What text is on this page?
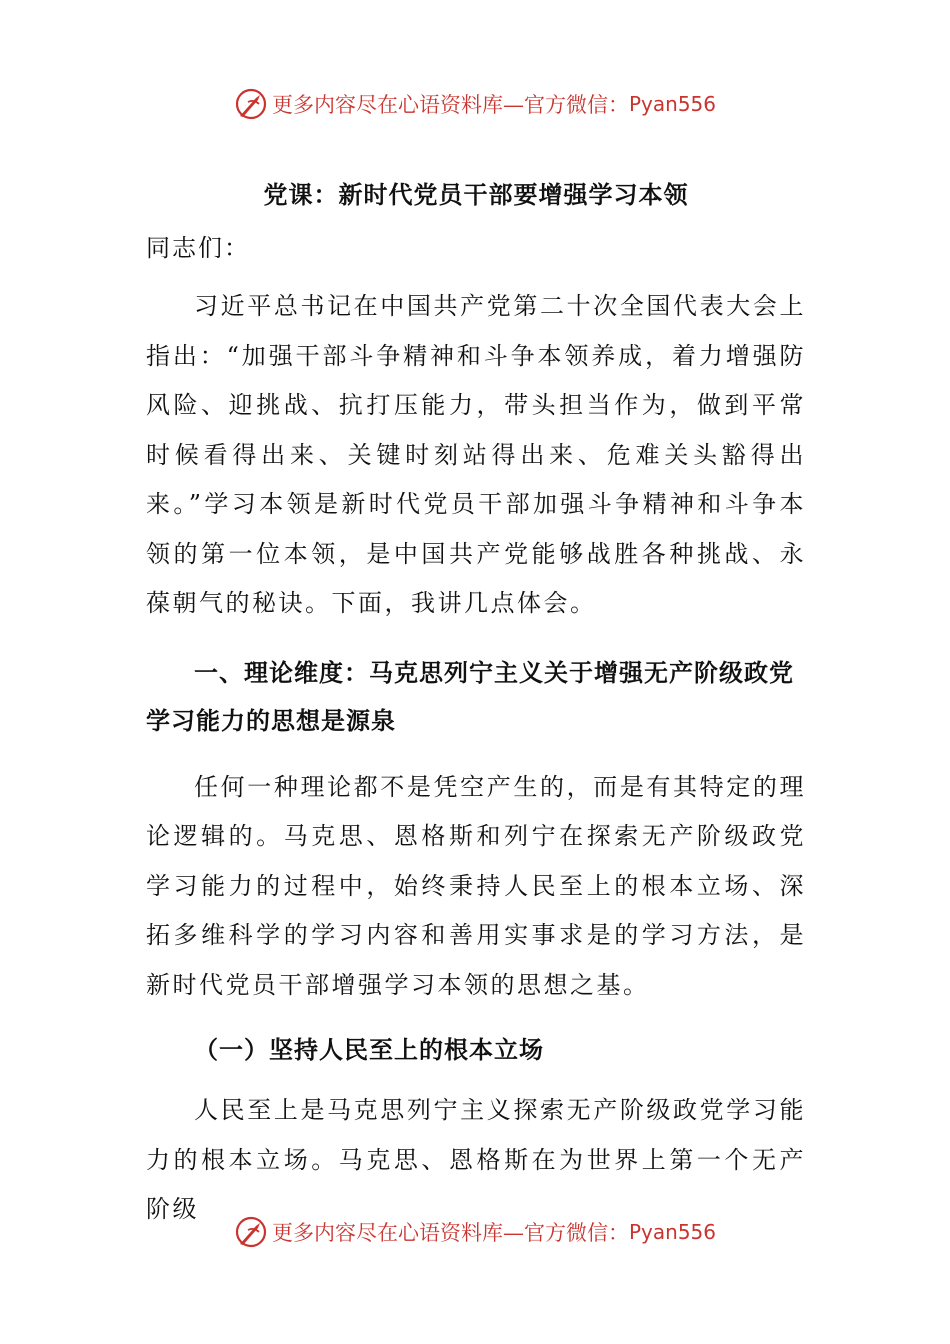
更多内容尽在心语资料库—官方微信： Pyan556
党课：新时代党员干部要增强学习本领

同志们：

习近平总书记在中国共产党第二十次全国代表大会上指出：“加强干部斗争精神和斗争本领养成，着力增强防风险、迎挑战、抗打压能力，带头担当作为，做到平常时候看得出来、关键时刻站得出来、危难关头豁得出来。”学习本领是新时代党员干部加强斗争精神和斗争本领的第一位本领，是中国共产党能够战胜各种挑战、永葆朝气的秘诀。下面，我讲几点体会。

一、理论维度：马克思列宁主义关于增强无产阶级政党学习能力的思想是源泉

任何一种理论都不是凭空产生的，而是有其特定的理论逻辑的。马克思、恩格斯和列宁在探索无产阶级政党学习能力的过程中，始终秉持人民至上的根本立场、深拓多维科学的学习内容和善用实事求是的学习方法，是新时代党员干部增强学习本领的思想之基。

（一）坚持人民至上的根本立场

人民至上是马克思列宁主义探索无产阶级政党学习能力的根本立场。马克思、恩格斯在为世界上第一个无产阶级

更多内容尽在心语资料库—官方微信： Pyan556
